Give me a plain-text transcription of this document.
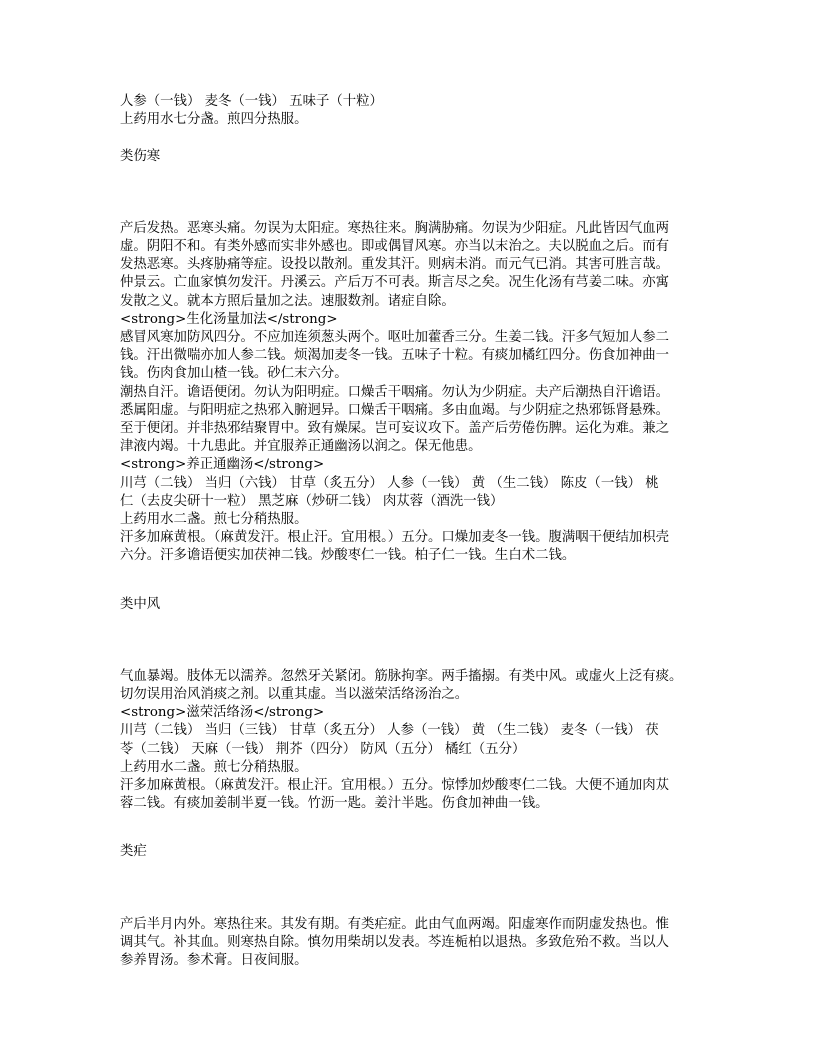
人参（一钱） 麦冬（一钱） 五味子（十粒）
上药用水七分盏。煎四分热服。
类伤寒
产后发热。恶寒头痛。勿误为太阳症。寒热往来。胸满胁痛。勿误为少阳症。凡此皆因气血两
虚。阴阳不和。有类外感而实非外感也。即或偶冒风寒。亦当以末治之。夫以脱血之后。而有
发热恶寒。头疼胁痛等症。设投以散剂。重发其汗。则病未消。而元气已消。其害可胜言哉。
仲景云。亡血家慎勿发汗。丹溪云。产后万不可表。斯言尽之矣。况生化汤有芎姜二味。亦寓
发散之义。就本方照后量加之法。速服数剂。诸症自除。
<strong>生化汤量加法</strong>
感冒风寒加防风四分。不应加连须葱头两个。呕吐加藿香三分。生姜二钱。汗多气短加人参二
钱。汗出微喘亦加人参二钱。烦渴加麦冬一钱。五味子十粒。有痰加橘红四分。伤食加神曲一
钱。伤肉食加山楂一钱。砂仁末六分。
潮热自汗。谵语便闭。勿认为阳明症。口燥舌干咽痛。勿认为少阴症。夫产后潮热自汗谵语。
悉属阳虚。与阳明症之热邪入腑迥异。口燥舌干咽痛。多由血竭。与少阴症之热邪铄肾悬殊。
至于便闭。并非热邪结聚胃中。致有燥屎。岂可妄议攻下。盖产后劳倦伤脾。运化为难。兼之
津液内竭。十九患此。并宜服养正通幽汤以润之。保无他患。
<strong>养正通幽汤</strong>
川芎（二钱） 当归（六钱） 甘草（炙五分） 人参（一钱） 黄 （生二钱） 陈皮（一钱） 桃
仁（去皮尖研十一粒） 黑芝麻（炒研二钱） 肉苁蓉（酒洗一钱）
上药用水二盏。煎七分稍热服。
汗多加麻黄根。（麻黄发汗。根止汗。宜用根。）五分。口燥加麦冬一钱。腹满咽干便结加枳壳
六分。汗多谵语便实加茯神二钱。炒酸枣仁一钱。柏子仁一钱。生白术二钱。
类中风
气血暴竭。肢体无以濡养。忽然牙关紧闭。筋脉拘挛。两手搐搦。有类中风。或虚火上泛有痰。
切勿误用治风消痰之剂。以重其虚。当以滋荣活络汤治之。
<strong>滋荣活络汤</strong>
川芎（二钱） 当归（三钱） 甘草（炙五分） 人参（一钱） 黄 （生二钱） 麦冬（一钱） 茯
苓（二钱） 天麻（一钱） 荆芥（四分） 防风（五分） 橘红（五分）
上药用水二盏。煎七分稍热服。
汗多加麻黄根。（麻黄发汗。根止汗。宜用根。）五分。惊悸加炒酸枣仁二钱。大便不通加肉苁
蓉二钱。有痰加姜制半夏一钱。竹沥一匙。姜汁半匙。伤食加神曲一钱。
类疟
产后半月内外。寒热往来。其发有期。有类疟症。此由气血两竭。阳虚寒作而阴虚发热也。惟
调其气。补其血。则寒热自除。慎勿用柴胡以发表。芩连栀柏以退热。多致危殆不救。当以人
参养胃汤。参术膏。日夜间服。
